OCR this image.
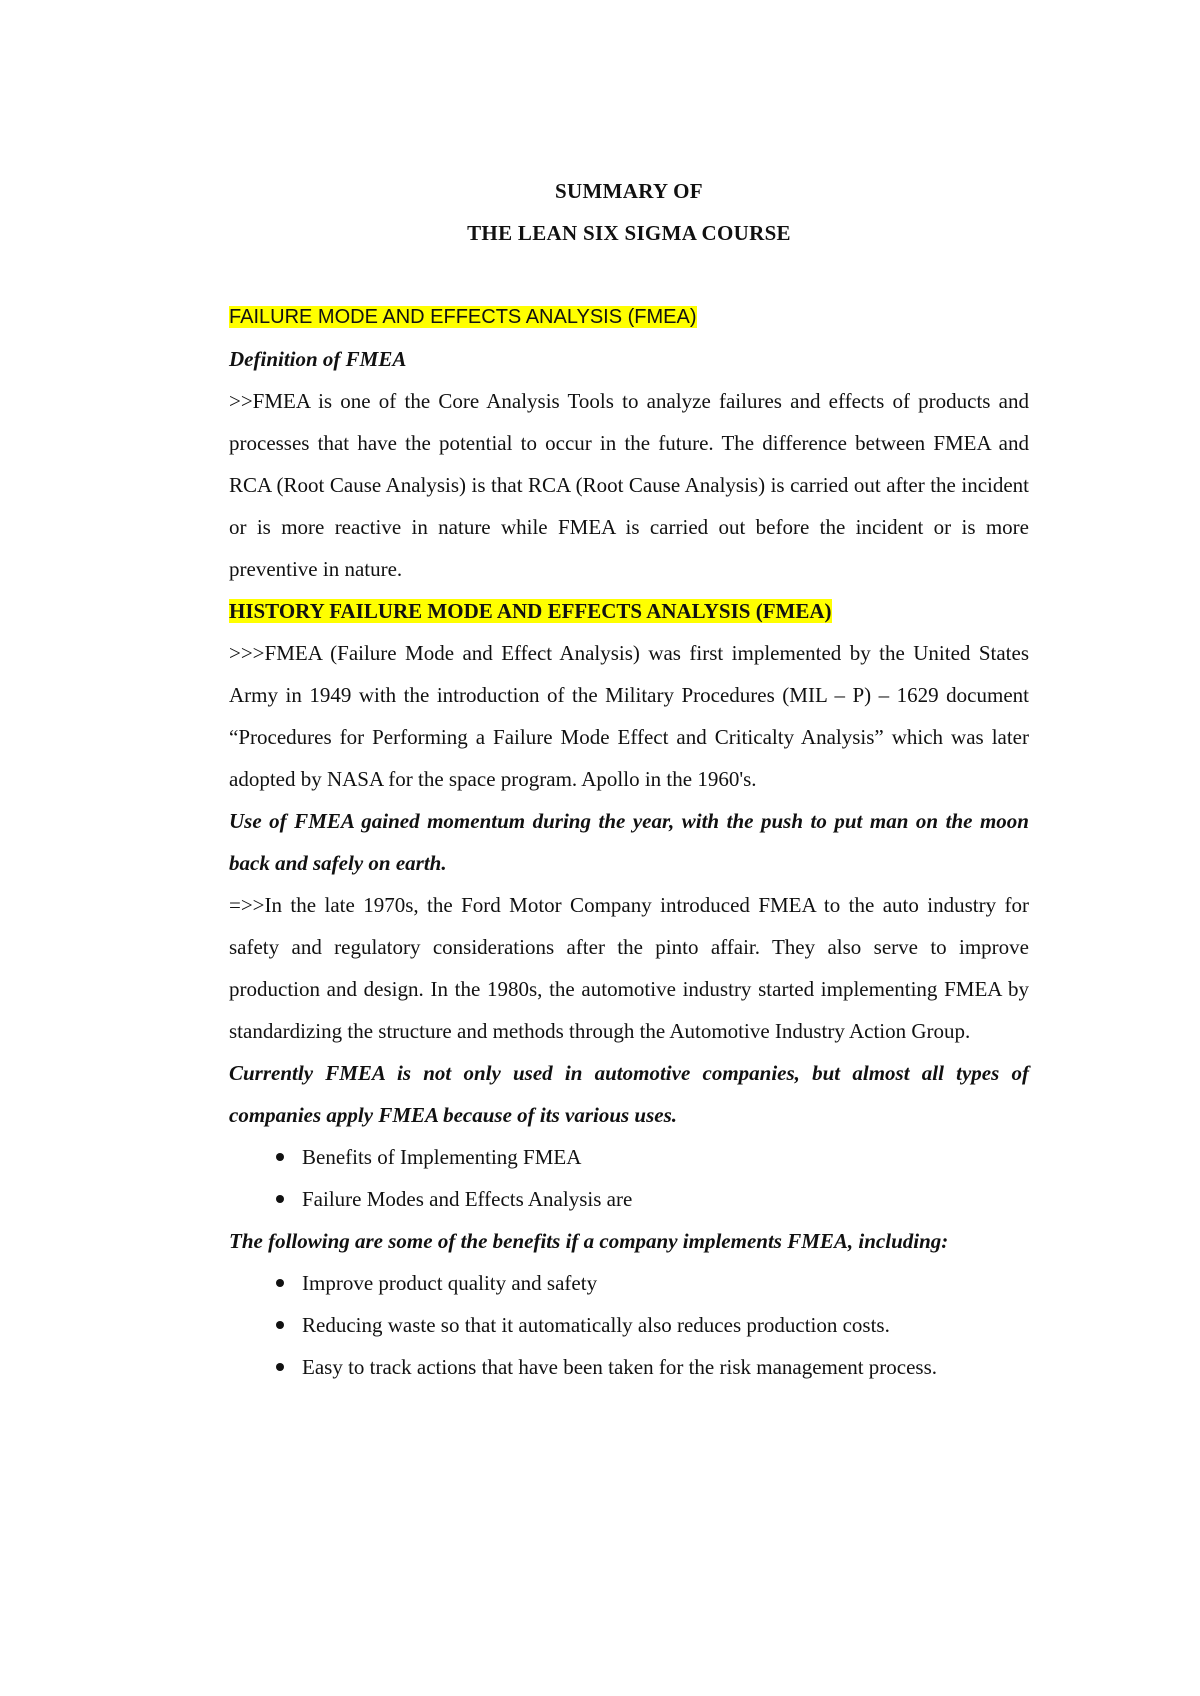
SUMMARY OF

THE LEAN SIX SIGMA COURSE

FAILURE MODE AND EFFECTS ANALYSIS (FMEA)

Definition of FMEA

>>FMEA is one of the Core Analysis Tools to analyze failures and effects of products and processes that have the potential to occur in the future. The difference between FMEA and RCA (Root Cause Analysis) is that RCA (Root Cause Analysis) is carried out after the incident or is more reactive in nature while FMEA is carried out before the incident or is more preventive in nature.

HISTORY FAILURE MODE AND EFFECTS ANALYSIS (FMEA)

>>>FMEA (Failure Mode and Effect Analysis) was first implemented by the United States Army in 1949 with the introduction of the Military Procedures (MIL – P) – 1629 document “Procedures for Performing a Failure Mode Effect and Criticalty Analysis” which was later adopted by NASA for the space program. Apollo in the 1960's.

Use of FMEA gained momentum during the year, with the push to put man on the moon back and safely on earth.

=>>In the late 1970s, the Ford Motor Company introduced FMEA to the auto industry for safety and regulatory considerations after the pinto affair. They also serve to improve production and design. In the 1980s, the automotive industry started implementing FMEA by standardizing the structure and methods through the Automotive Industry Action Group.

Currently FMEA is not only used in automotive companies, but almost all types of companies apply FMEA because of its various uses.

Benefits of Implementing FMEA
Failure Modes and Effects Analysis are

The following are some of the benefits if a company implements FMEA, including:

Improve product quality and safety
Reducing waste so that it automatically also reduces production costs.
Easy to track actions that have been taken for the risk management process.
